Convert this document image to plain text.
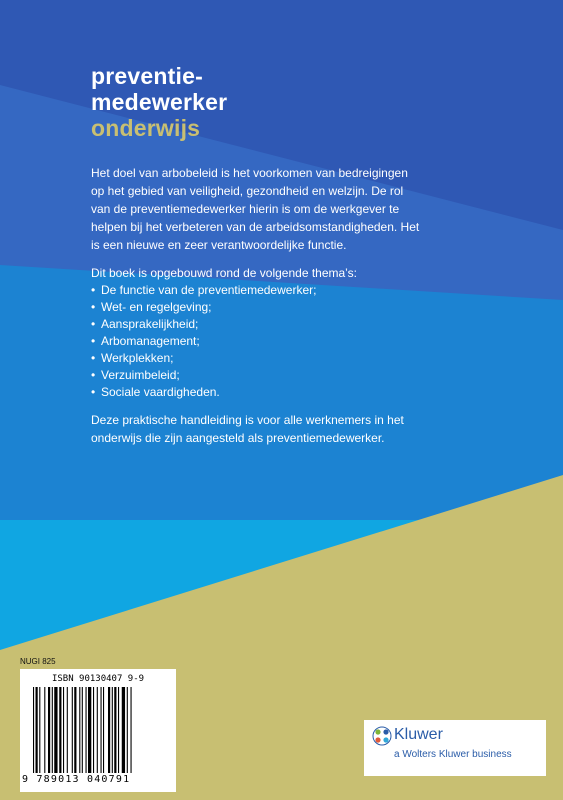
preventie-
medewerker
onderwijs

Het doel van arbobeleid is het voorkomen van bedreigingen op het gebied van veiligheid, gezondheid en welzijn. De rol van de preventiemedewerker hierin is om de werkgever te helpen bij het verbeteren van de arbeidsomstandigheden. Het is een nieuwe en zeer verantwoordelijke functie.

Dit boek is opgebouwd rond de volgende thema’s:
• De functie van de preventiemedewerker;
• Wet- en regelgeving;
• Aansprakelijkheid;
• Arbomanagement;
• Werkplekken;
• Verzuimbeleid;
• Sociale vaardigheden.
Deze praktische handleiding is voor alle werknemers in het onderwijs die zijn aangesteld als preventiemedewerker.
NUGI 825
ISBN 90130407 9-9
9 789013 040791
Kluwer
a Wolters Kluwer business
